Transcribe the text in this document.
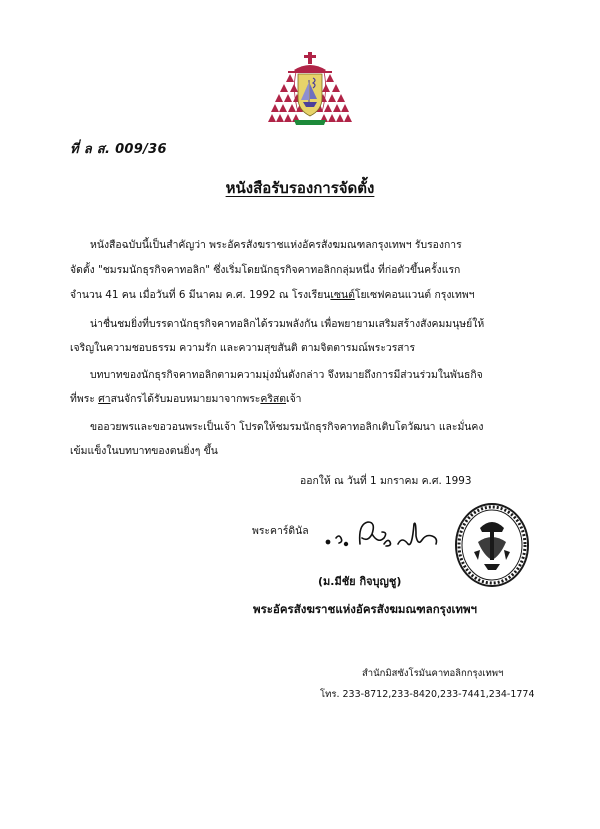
ที่ ล ส. 009/36
หนังสือรับรองการจัดตั้ง
หนังสือฉบับนี้เป็นสำคัญว่า พระอัครสังฆราชแห่งอัครสังฆมณฑลกรุงเทพฯ รับรองการ
จัดตั้ง "ชมรมนักธุรกิจคาทอลิก" ซึ่งเริ่มโดยนักธุรกิจคาทอลิกกลุ่มหนึ่ง ที่ก่อตัวขึ้นครั้งแรก
จำนวน 41 คน เมื่อวันที่ 6 มีนาคม ค.ศ. 1992 ณ โรงเรียนเซนต์โยเซฟคอนแวนต์ กรุงเทพฯ
น่าชื่นชมยิ่งที่บรรดานักธุรกิจคาทอลิกได้รวมพลังกัน เพื่อพยายามเสริมสร้างสังคมมนุษย์ให้
เจริญในความชอบธรรม ความรัก และความสุขสันติ ตามจิตตารมณ์พระวรสาร
บทบาทของนักธุรกิจคาทอลิกตามความมุ่งมั่นดังกล่าว จึงหมายถึงการมีส่วนร่วมในพันธกิจ
ที่พระ ศาสนจักรได้รับมอบหมายมาจากพระคริสตเจ้า
ขออวยพรและขอวอนพระเป็นเจ้า โปรดให้ชมรมนักธุรกิจคาทอลิกเติบโตวัฒนา และมั่นคง
เข้มแข็งในบทบาทของตนยิ่งๆ ขึ้น
ออกให้ ณ วันที่ 1 มกราคม ค.ศ. 1993
พระคาร์ดินัล
(ม.มีชัย กิจบุญชู)
พระอัครสังฆราชแห่งอัครสังฆมณฑลกรุงเทพฯ
สำนักมิสซังโรมันคาทอลิกกรุงเทพฯ
โทร. 233-8712,233-8420,233-7441,234-1774
